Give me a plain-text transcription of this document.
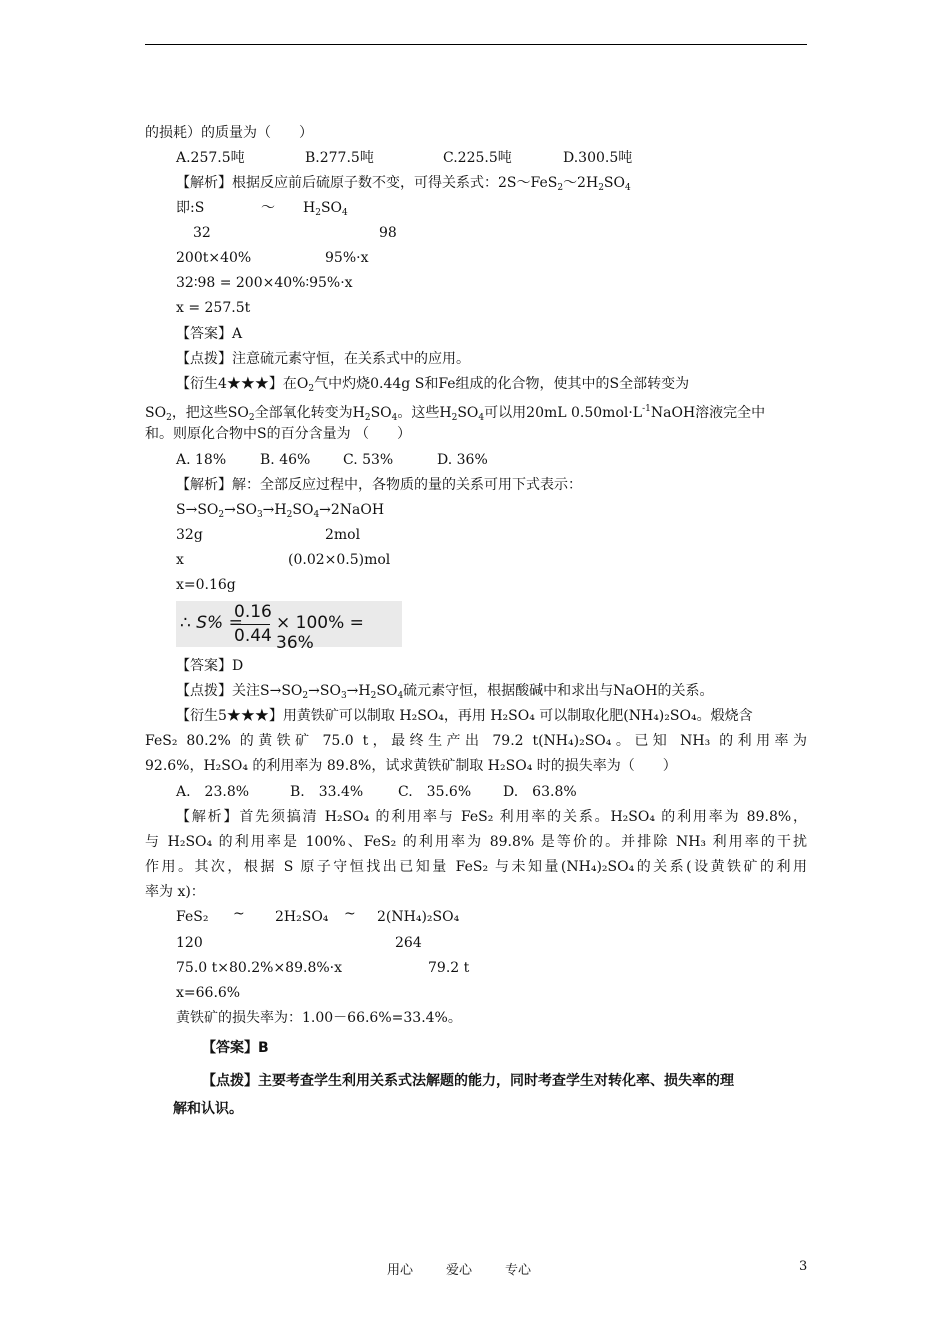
的损耗）的质量为（　　）
A.257.5吨	B.277.5吨	C.225.5吨	D.300.5吨
【解析】根据反应前后硫原子数不变，可得关系式：$2S\sim FeS_2\sim 2H_2SO_4$
即:S	～ $H_2SO_4$
32	98
200t×40%	95%·x
32∶98 = 200×40%∶95%·x
x = 257.5t
【答案】A
【点拨】注意硫元素守恒，在关系式中的应用。
【衍生4★★★】在$O_2$气中灼烧0.44g S和Fe组成的化合物，使其中的S全部转变为
$SO_2$，把这些$SO_2$全部氧化转变为$H_2SO_4$。这些$H_2SO_4$可以用20mL $0.50mol\cdot L^{-1}NaOH$溶液完全中
和。则原化合物中S的百分含量为 （　　）
A. 18% B. 46% C. 53%	D. 36%
【解析】解：全部反应过程中，各物质的量的关系可用下式表示：
$S\to SO_2\to SO_3\to H_2SO_4\to 2NaOH$
32g	2mol
x	(0.02×0.5)mol
x=0.16g
∴ S% =
0.16
0.44
× 100% = 36%
【答案】D
【点拨】关注$S\to SO_2\to SO_3\to H_2SO_4$硫元素守恒，根据酸碱中和求出与NaOH的关系。
【衍生5★★★】用黄铁矿可以制取 H₂SO₄，再用 H₂SO₄ 可以制取化肥(NH₄)₂SO₄。煅烧含
FeS₂ 80.2% 的黄铁矿 75.0 t，最终生产出 79.2 t(NH₄)₂SO₄。已知 NH₃ 的利用率为
92.6%，H₂SO₄ 的利用率为 89.8%，试求黄铁矿制取 H₂SO₄ 时的损失率为（　　）
A.　23.8%	B.　33.4% C.　35.6% D.　63.8%
【解析】首先须搞清 H₂SO₄ 的利用率与 FeS₂ 利用率的关系。H₂SO₄ 的利用率为 89.8%，
与 H₂SO₄ 的利用率是 100%、FeS₂ 的利用率为 89.8% 是等价的。并排除 NH₃ 利用率的干扰
作用。其次，根据 S 原子守恒找出已知量 FeS₂ 与未知量(NH₄)₂SO₄的关系(设黄铁矿的利用
率为 x)：
FeS₂ ~ 2H₂SO₄ ~ 2(NH₄)₂SO₄
120	264
75.0 t×80.2%×89.8%·x	79.2 t
x=66.6%
黄铁矿的损失率为：1.00－66.6%=33.4%。
【答案】B
【点拨】主要考查学生利用关系式法解题的能力，同时考查学生对转化率、损失率的理
解和认识。
用心	爱心	专心	3
